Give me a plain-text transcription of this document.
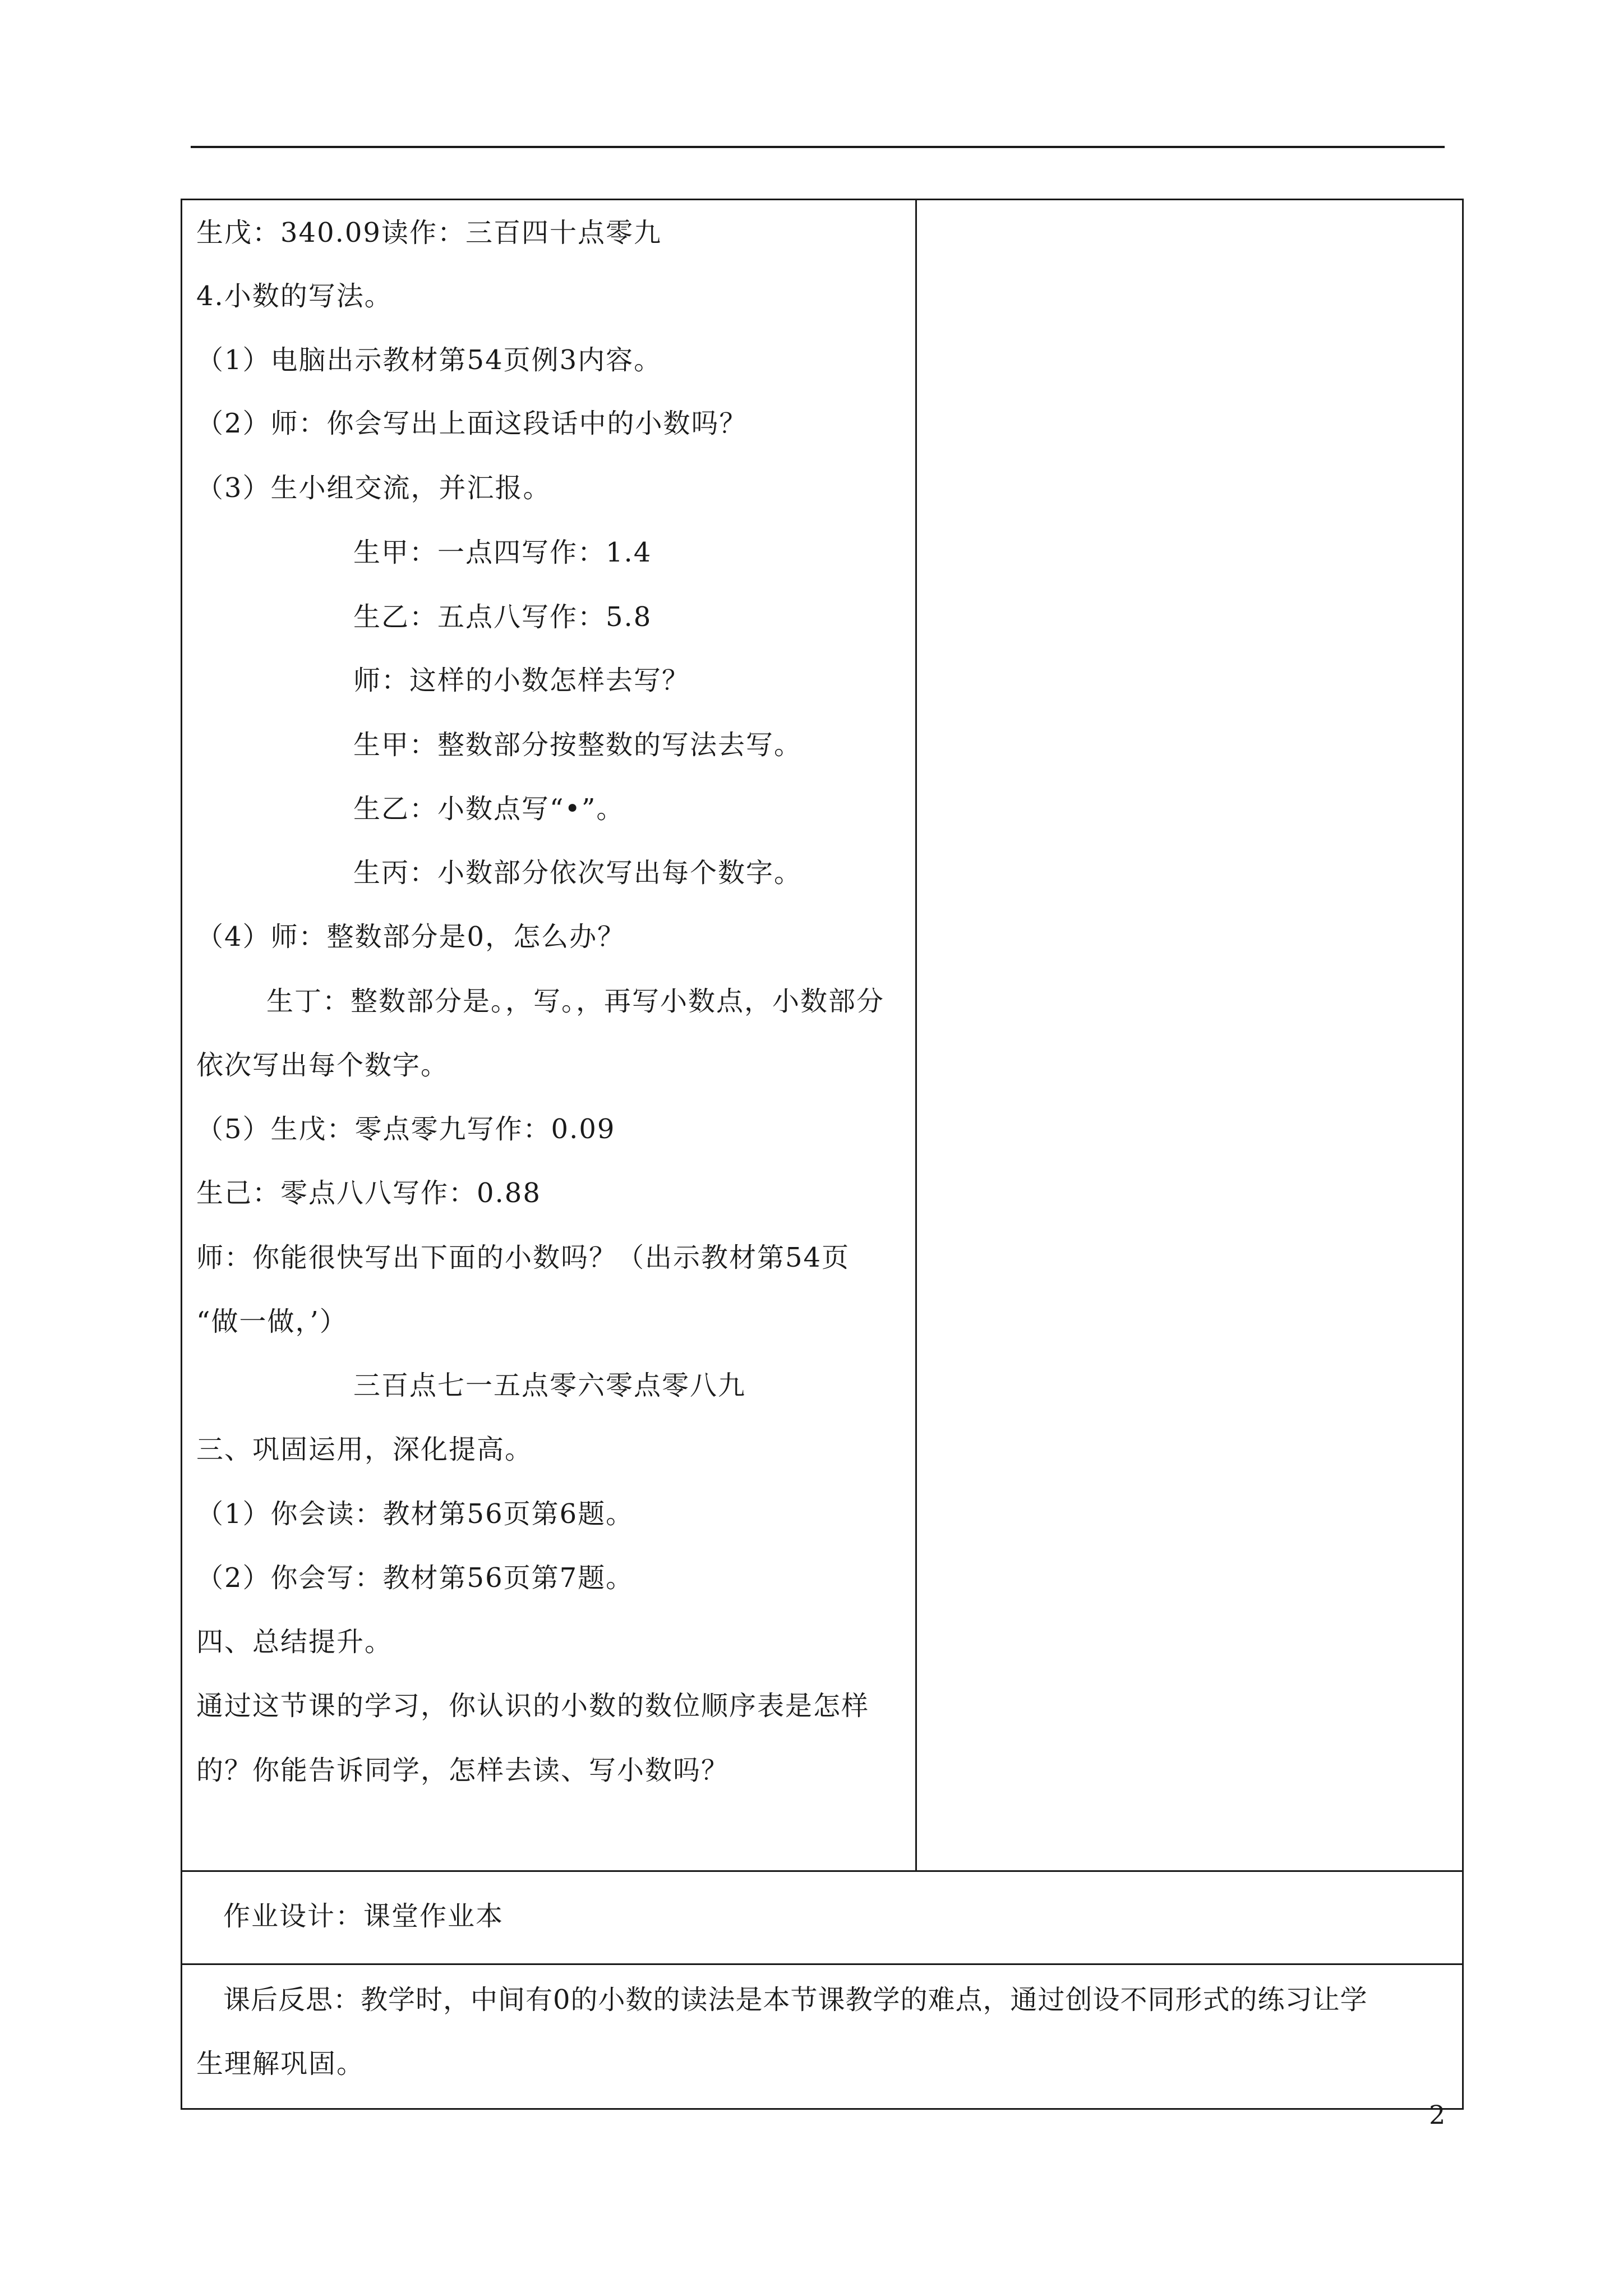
生戊：340.09读作：三百四十点零九
4.小数的写法。
（1）电脑出示教材第54页例3内容。
（2）师：你会写出上面这段话中的小数吗？
（3）生小组交流，并汇报。
生甲：一点四写作：1.4
生乙：五点八写作：5.8
师：这样的小数怎样去写？
生甲：整数部分按整数的写法去写。
生乙：小数点写“•”。
生丙：小数部分依次写出每个数字。
（4）师：整数部分是0，怎么办？
生丁：整数部分是。，写。，再写小数点，小数部分
依次写出每个数字。
（5）生戊：零点零九写作：0.09
生己：零点八八写作：0.88
师：你能很快写出下面的小数吗？（出示教材第54页
“做一做，’）
三百点七一五点零六零点零八九
三、巩固运用，深化提高。
（1）你会读：教材第56页第6题。
（2）你会写：教材第56页第7题。
四、总结提升。
通过这节课的学习，你认识的小数的数位顺序表是怎样
的？你能告诉同学，怎样去读、写小数吗？
作业设计：课堂作业本
课后反思：教学时，中间有0的小数的读法是本节课教学的难点，通过创设不同形式的练习让学
生理解巩固。
2
